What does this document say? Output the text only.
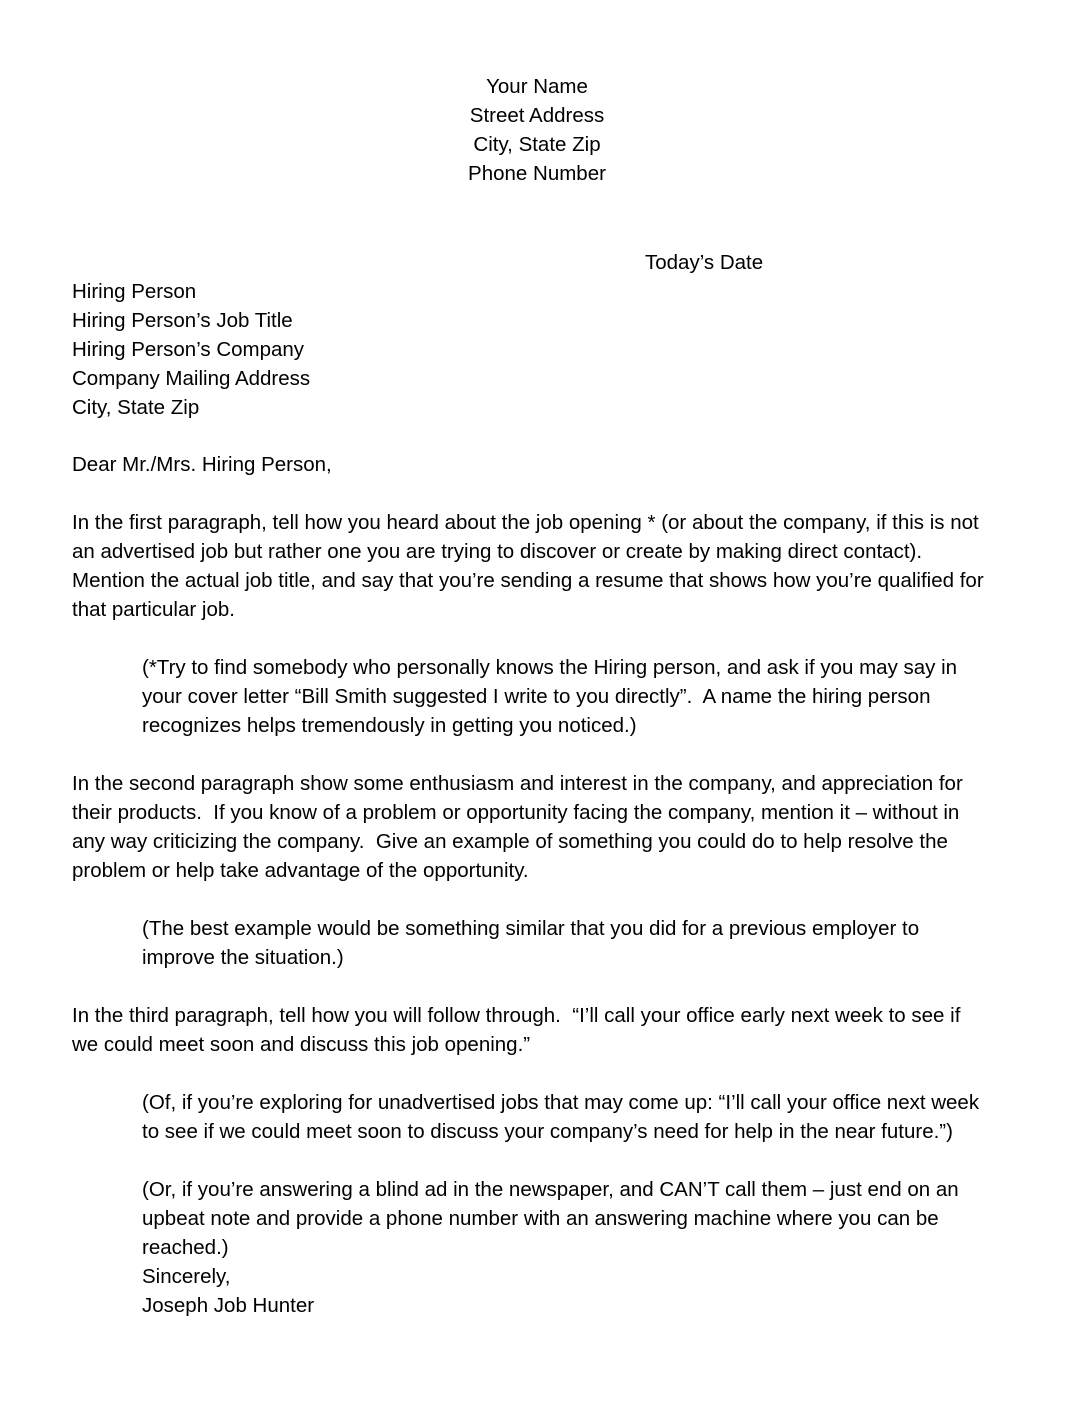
Your Name
Street Address
City, State Zip
Phone Number
Today’s Date
Hiring Person
Hiring Person’s Job Title
Hiring Person’s Company
Company Mailing Address
City, State Zip

Dear Mr./Mrs. Hiring Person,

In the first paragraph, tell how you heard about the job opening * (or about the company, if this is not an advertised job but rather one you are trying to discover or create by making direct contact).  Mention the actual job title, and say that you’re sending a resume that shows how you’re qualified for that particular job.

(*Try to find somebody who personally knows the Hiring person, and ask if you may say in your cover letter “Bill Smith suggested I write to you directly”.  A name the hiring person recognizes helps tremendously in getting you noticed.)

In the second paragraph show some enthusiasm and interest in the company, and appreciation for their products.  If you know of a problem or opportunity facing the company, mention it – without in any way criticizing the company.  Give an example of something you could do to help resolve the problem or help take advantage of the opportunity.

(The best example would be something similar that you did for a previous employer to improve the situation.)

In the third paragraph, tell how you will follow through.  “I’ll call your office early next week to see if we could meet soon and discuss this job opening.”

(Of, if you’re exploring for unadvertised jobs that may come up: “I’ll call your office next week to see if we could meet soon to discuss your company’s need for help in the near future.”)

(Or, if you’re answering a blind ad in the newspaper, and CAN’T call them – just end on an upbeat note and provide a phone number with an answering machine where you can be reached.)

Sincerely,

Joseph Job Hunter
